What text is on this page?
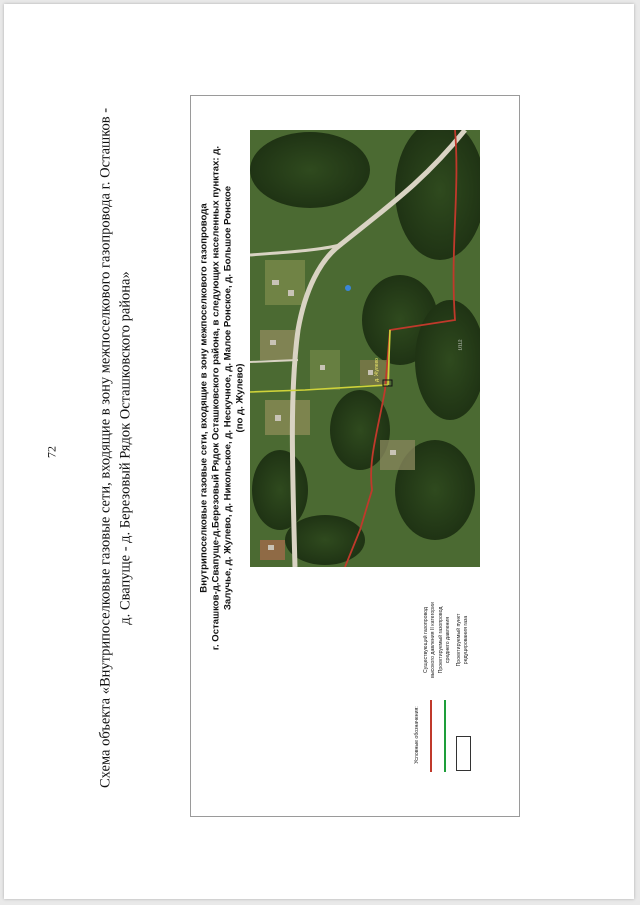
72	Схема объекта «Внутрипоселковые газовые сети, входящие в зону межпоселкового газопровода г. Осташков - д. Свапуще - д. Березовый Рядок Осташковского района»	Внутрипоселковые газовые сети, входящие в зону межпоселкового газопровода г. Осташков-д.Свапуще-д.Березовый Рядок Осташковского района, в следующих населенных пунктах: д. Залучье, д. Жулево, д. Никольское, д. Нескучное, д. Малое Ронское, д. Большое Ронское (по д. Жулево)	д. Жулево
1/112
Условные обозначения:
Существующий газопровод высокого давления II категории Проектируемый газопровод среднего давления Проектируемый пункт редуцирования газа
